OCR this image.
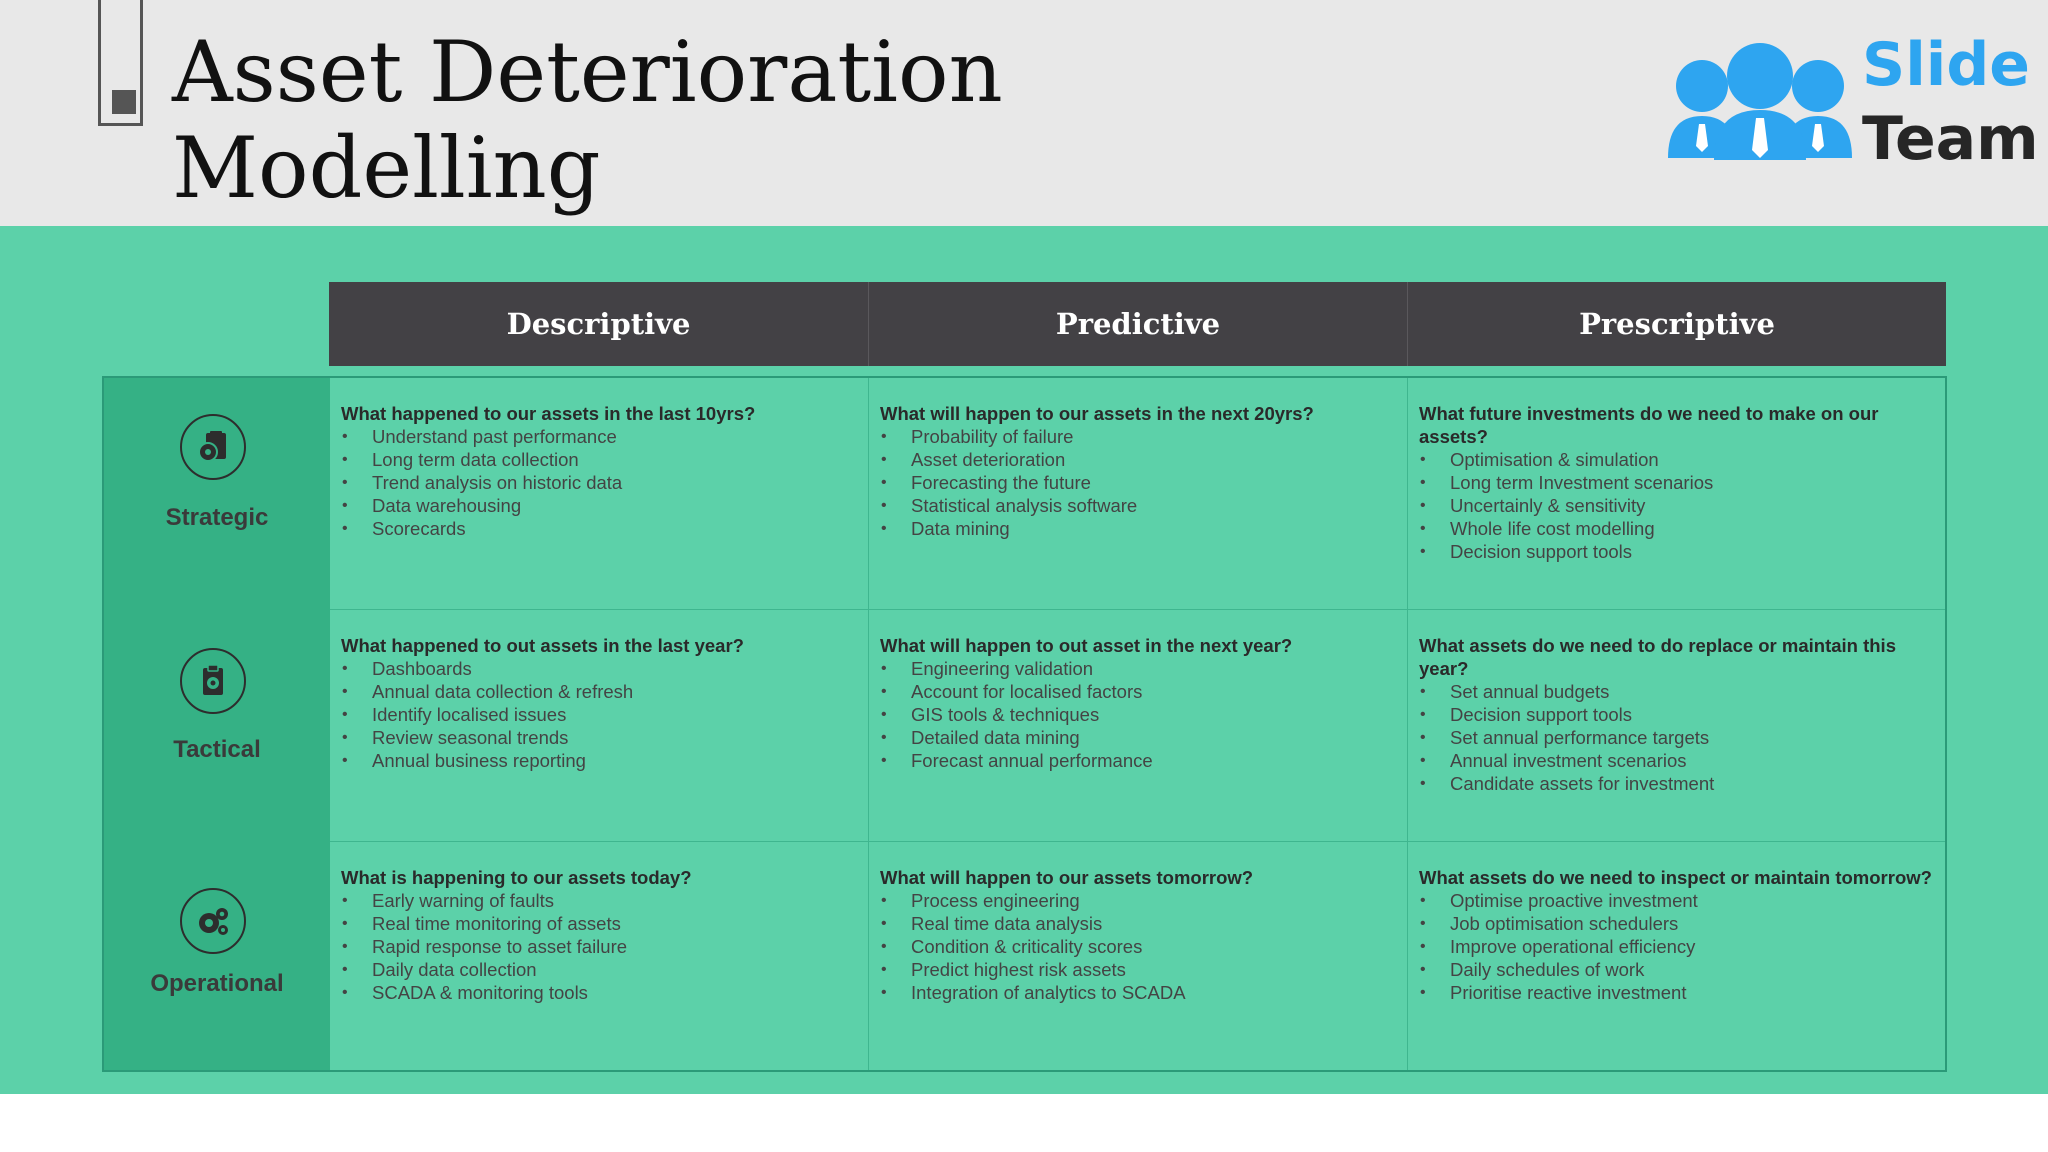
Asset Deterioration
Modelling
Slide
Team
Descriptive	Predictive	Prescriptive
Strategic
Tactical
Operational
What happened to our assets in the last 10yrs?
• Understand past performance
• Long term data collection
• Trend analysis on historic data
• Data warehousing
• Scorecards
What will happen to our assets in the next 20yrs?
• Probability of failure
• Asset deterioration
• Forecasting the future
• Statistical analysis software
• Data mining
What future investments do we need to make on our assets?
• Optimisation & simulation
• Long term Investment scenarios
• Uncertainly & sensitivity
• Whole life cost modelling
• Decision support tools
What happened to out assets in the last year?
• Dashboards
• Annual data collection & refresh
• Identify localised issues
• Review seasonal trends
• Annual business reporting
What will happen to out asset in the next year?
• Engineering validation
• Account for localised factors
• GIS tools & techniques
• Detailed data mining
• Forecast annual performance
What assets do we need to do replace or maintain this year?
• Set annual budgets
• Decision support tools
• Set annual performance targets
• Annual investment scenarios
• Candidate assets for investment
What is happening to our assets today?
• Early warning of faults
• Real time monitoring of assets
• Rapid response to asset failure
• Daily data collection
• SCADA & monitoring tools
What will happen to our assets tomorrow?
• Process engineering
• Real time data analysis
• Condition & criticality scores
• Predict highest risk assets
• Integration of analytics to SCADA
What assets do we need to inspect or maintain tomorrow?
• Optimise proactive investment
• Job optimisation schedulers
• Improve operational efficiency
• Daily schedules of work
• Prioritise reactive investment
